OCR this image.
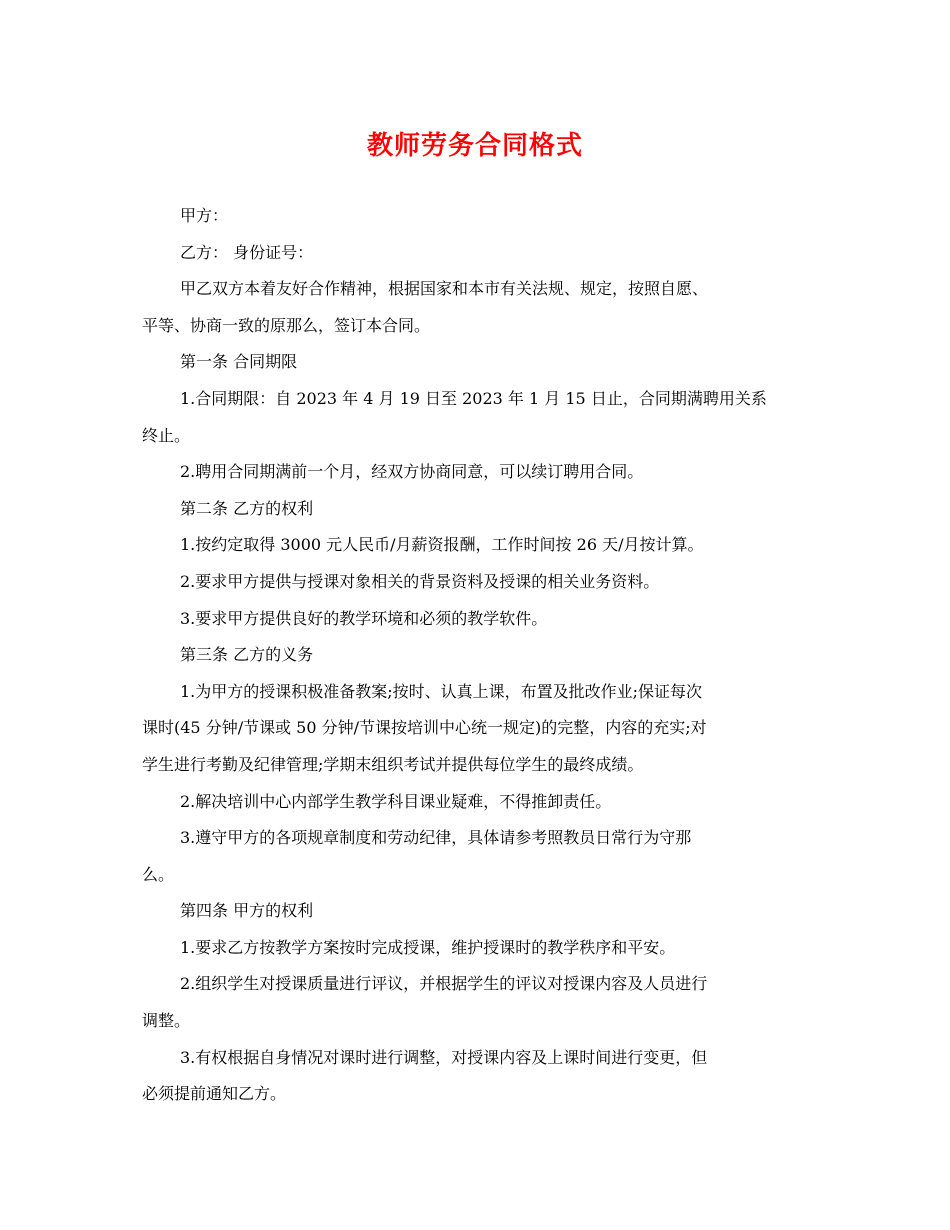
教师劳务合同格式
甲方：
乙方： 身份证号：
甲乙双方本着友好合作精神，根据国家和本市有关法规、规定，按照自愿、
平等、协商一致的原那么，签订本合同。
第一条 合同期限
1.合同期限：自 2023 年 4 月 19 日至 2023 年 1 月 15 日止，合同期满聘用关系
终止。
2.聘用合同期满前一个月，经双方协商同意，可以续订聘用合同。
第二条 乙方的权利
1.按约定取得 3000 元人民币/月薪资报酬，工作时间按 26 天/月按计算。
2.要求甲方提供与授课对象相关的背景资料及授课的相关业务资料。
3.要求甲方提供良好的教学环境和必须的教学软件。
第三条 乙方的义务
1.为甲方的授课积极准备教案;按时、认真上课，布置及批改作业;保证每次
课时(45 分钟/节课或 50 分钟/节课按培训中心统一规定)的完整，内容的充实;对
学生进行考勤及纪律管理;学期末组织考试并提供每位学生的最终成绩。
2.解决培训中心内部学生教学科目课业疑难，不得推卸责任。
3.遵守甲方的各项规章制度和劳动纪律，具体请参考照教员日常行为守那
么。
第四条 甲方的权利
1.要求乙方按教学方案按时完成授课，维护授课时的教学秩序和平安。
2.组织学生对授课质量进行评议，并根据学生的评议对授课内容及人员进行
调整。
3.有权根据自身情况对课时进行调整，对授课内容及上课时间进行变更，但
必须提前通知乙方。
